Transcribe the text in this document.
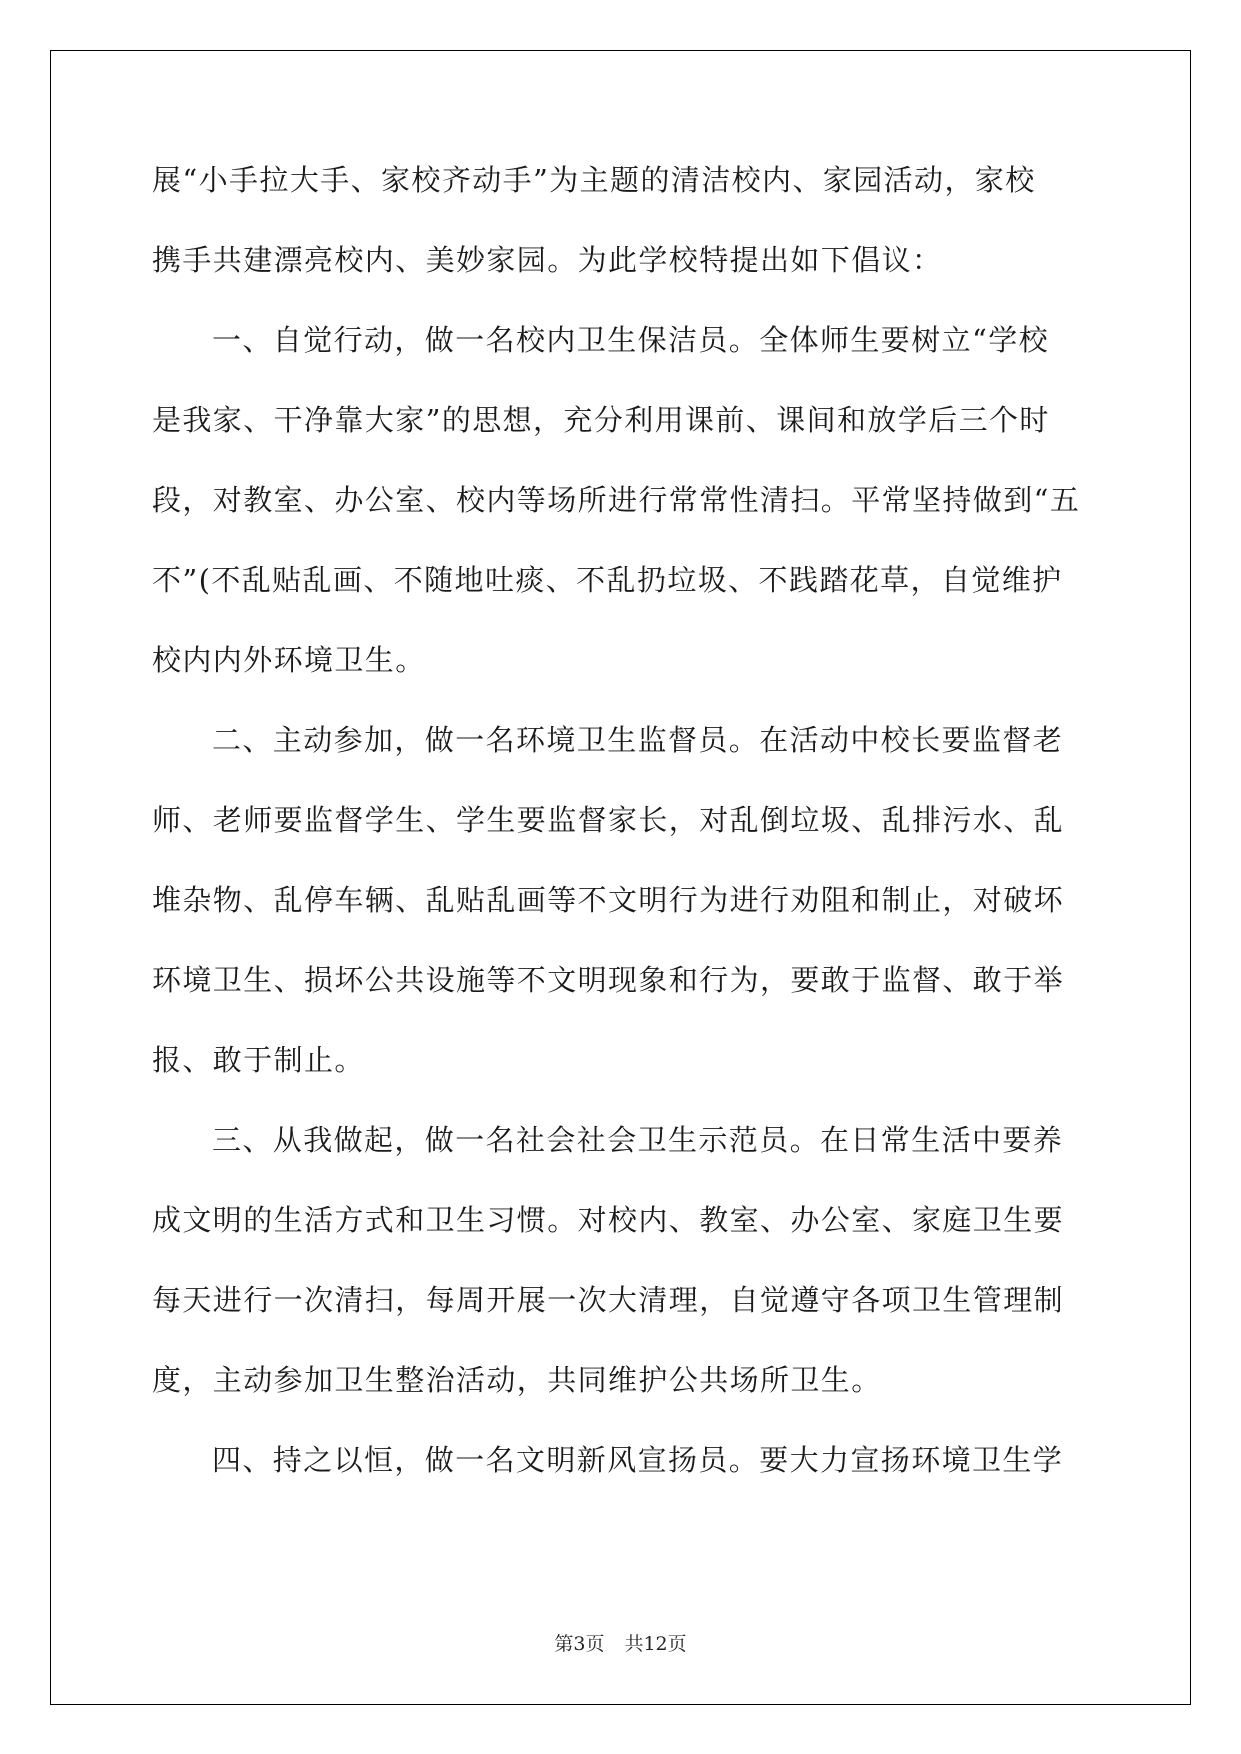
展“小手拉大手、家校齐动手”为主题的清洁校内、家园活动，家校
携手共建漂亮校内、美妙家园。为此学校特提出如下倡议：
一、自觉行动，做一名校内卫生保洁员。全体师生要树立“学校
是我家、干净靠大家”的思想，充分利用课前、课间和放学后三个时
段，对教室、办公室、校内等场所进行常常性清扫。平常坚持做到“五
不”(不乱贴乱画、不随地吐痰、不乱扔垃圾、不践踏花草，自觉维护
校内内外环境卫生。
二、主动参加，做一名环境卫生监督员。在活动中校长要监督老
师、老师要监督学生、学生要监督家长，对乱倒垃圾、乱排污水、乱
堆杂物、乱停车辆、乱贴乱画等不文明行为进行劝阻和制止，对破坏
环境卫生、损坏公共设施等不文明现象和行为，要敢于监督、敢于举
报、敢于制止。
三、从我做起，做一名社会社会卫生示范员。在日常生活中要养
成文明的生活方式和卫生习惯。对校内、教室、办公室、家庭卫生要
每天进行一次清扫，每周开展一次大清理，自觉遵守各项卫生管理制
度，主动参加卫生整治活动，共同维护公共场所卫生。
四、持之以恒，做一名文明新风宣扬员。要大力宣扬环境卫生学
第3页 共12页
